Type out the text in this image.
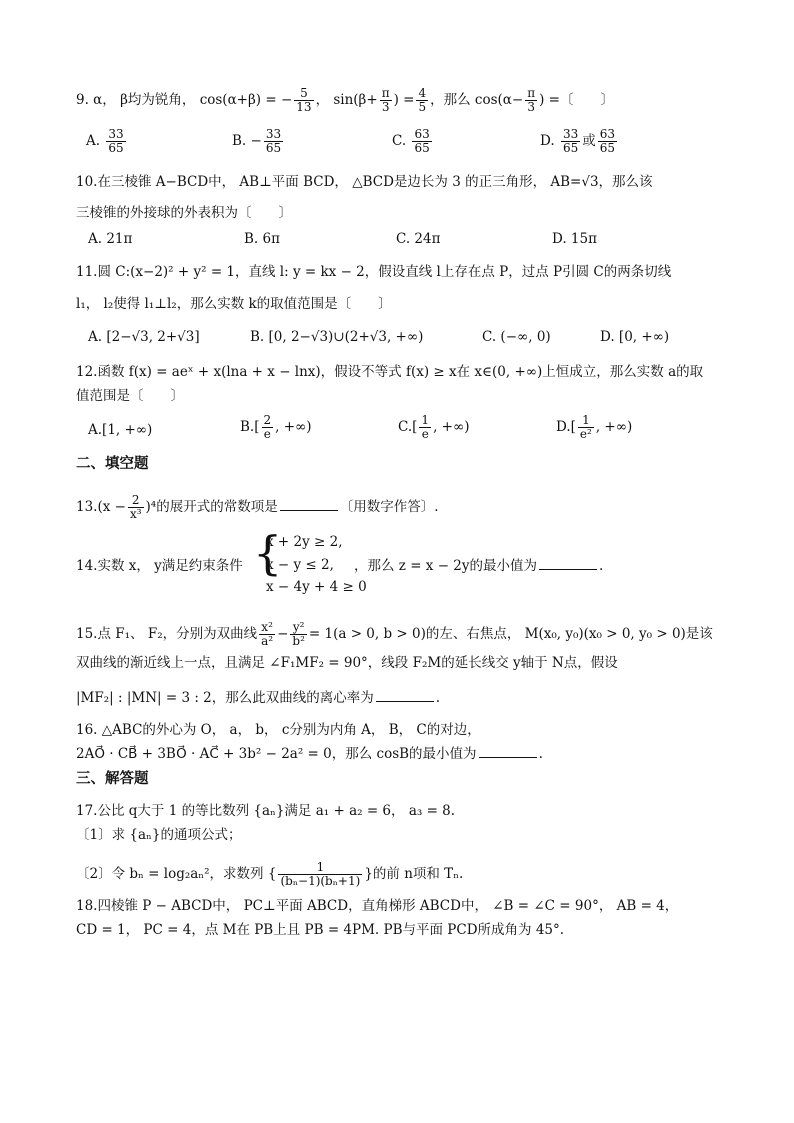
9. α， β均为锐角， cos(α+β) = − $\frac{5}{13}$ ， $\sin(\beta+ \frac{\pi}{3}$ ) = $\frac{4}{5}$ ，那么 $\cos(\alpha- \frac{\pi}{3}$ ) =〔　　〕
A. $\frac{33}{65}$	B. − $\frac{33}{65}$	C. $\frac{63}{65}$	D. $\frac{33}{65}$ 或 $\frac{63}{65}$
10.在三棱锥 A−BCD中， AB⊥平面 BCD， △BCD是边长为 3 的正三角形， AB=√3，那么该
三棱锥的外接球的外表积为〔　　〕
A. 21π	B. 6π	C. 24π	D. 15π
11.圆 C:(x−2)² + y² = 1，直线 l: y = kx − 2，假设直线 l上存在点 P，过点 P引圆 C的两条切线
l₁， l₂使得 l₁⊥l₂，那么实数 k的取值范围是〔　　〕
A. [2−√3, 2+√3]	B. [0, 2−√3)∪(2+√3, +∞)	C. (−∞, 0)	D. [0, +∞)
12.函数 f(x) = aeˣ + x(lna + x − lnx)，假设不等式 f(x) ≥ x在 x∈(0, +∞)上恒成立，那么实数 a的取
值范围是〔　　〕
A.[1, +∞)	$B.[ \frac{2}{e}$ , +∞)	$C.[ \frac{1}{e}$ , +∞)	$D.[ \frac{1}{\text{e²}}$ , +∞)
二、填空题
$13.(x - \frac{2}{\text{x³}} )^4$的展开式的常数项是	〔用数字作答〕.
14.实数 x， y满足约束条件 {
x + 2y ≥ 2,
x − y ≤ 2,
x − 4y + 4 ≥ 0
，那么 z = x − 2y的最小值为	.
15.点 F₁、 F₂，分别为双曲线 $\frac{\text{x²}}{\text{a²}} - \frac{\text{y²}}{\text{b²}} = 1(a > 0$, b > 0)的左、右焦点， M(x₀, y₀)(x₀ > 0, y₀ > 0)是该
双曲线的渐近线上一点，且满足 ∠F₁MF₂ = 90°，线段 F₂M的延长线交 y轴于 N点，假设
|MF₂| : |MN| = 3 : 2，那么此双曲线的离心率为	.
16. △ABC的外心为 O， a， b， c分别为内角 A， B， C的对边，
2AO⃗ · CB⃗ + 3BO⃗ · AC⃗ + 3b² − 2a² = 0，那么 cosB的最小值为	.
三、解答题
17.公比 q大于 1 的等比数列 {aₙ}满足 a₁ + a₂ = 6， a₃ = 8.
〔1〕求 {aₙ}的通项公式；
〔2〕令 bₙ = log₂aₙ²，求数列 { $\frac{1}{\text{(bₙ−1)(bₙ+1)}}$ }的前 n项和 Tₙ.
18.四棱锥 P − ABCD中， PC⊥平面 ABCD，直角梯形 ABCD中， ∠B = ∠C = 90°， AB = 4，
CD = 1， PC = 4，点 M在 PB上且 PB = 4PM. PB与平面 PCD所成角为 45°.
